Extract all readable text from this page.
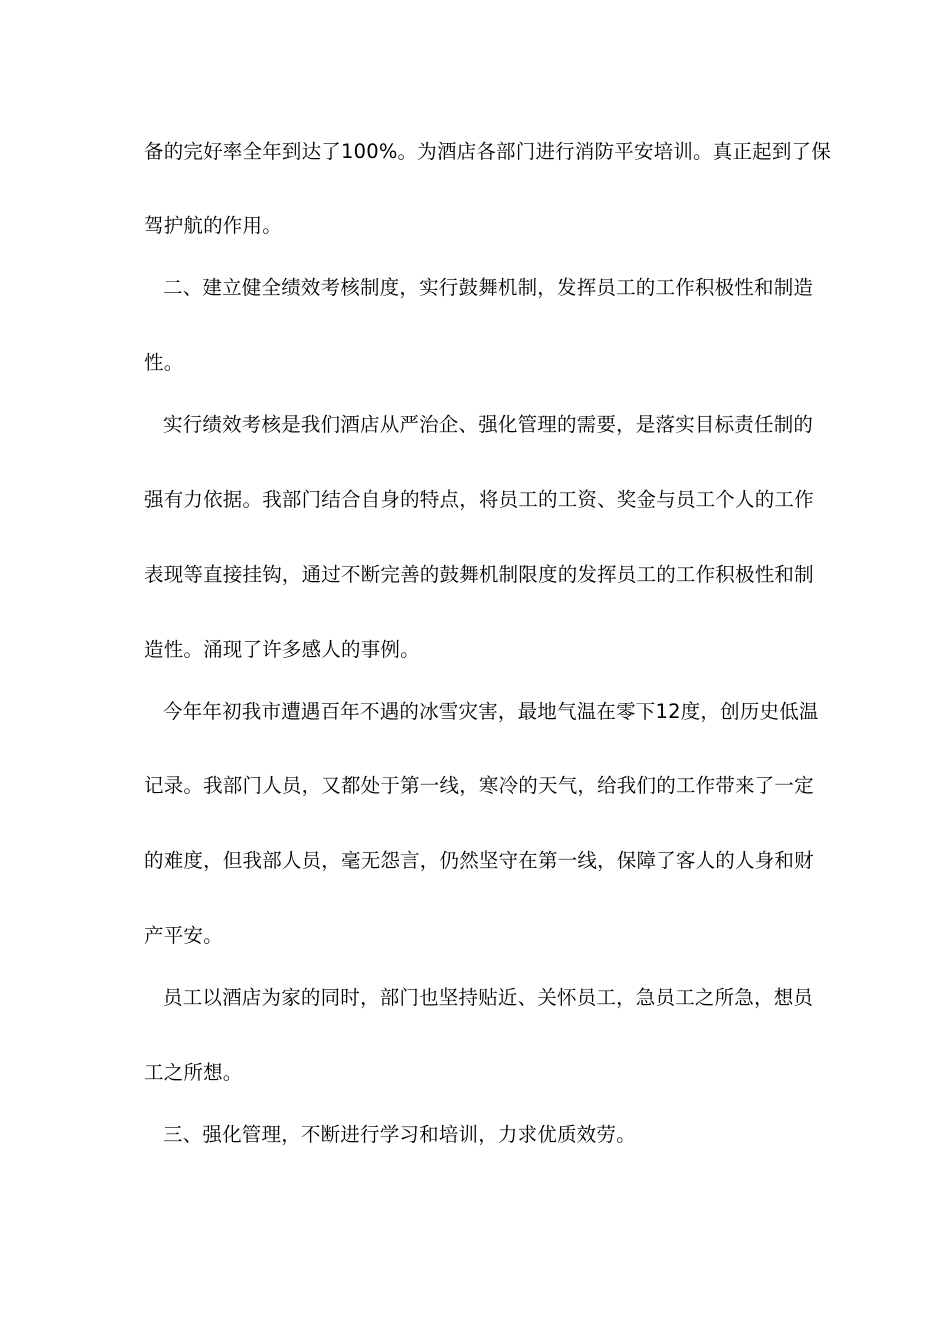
备的完好率全年到达了100%。为酒店各部门进行消防平安培训。真正起到了保
驾护航的作用。
二、建立健全绩效考核制度，实行鼓舞机制，发挥员工的工作积极性和制造
性。
实行绩效考核是我们酒店从严治企、强化管理的需要，是落实目标责任制的
强有力依据。我部门结合自身的特点，将员工的工资、奖金与员工个人的工作
表现等直接挂钩，通过不断完善的鼓舞机制限度的发挥员工的工作积极性和制
造性。涌现了许多感人的事例。
今年年初我市遭遇百年不遇的冰雪灾害，最地气温在零下12度，创历史低温
记录。我部门人员，又都处于第一线，寒冷的天气，给我们的工作带来了一定
的难度，但我部人员，毫无怨言，仍然坚守在第一线，保障了客人的人身和财
产平安。
员工以酒店为家的同时，部门也坚持贴近、关怀员工，急员工之所急，想员
工之所想。
三、强化管理，不断进行学习和培训，力求优质效劳。
